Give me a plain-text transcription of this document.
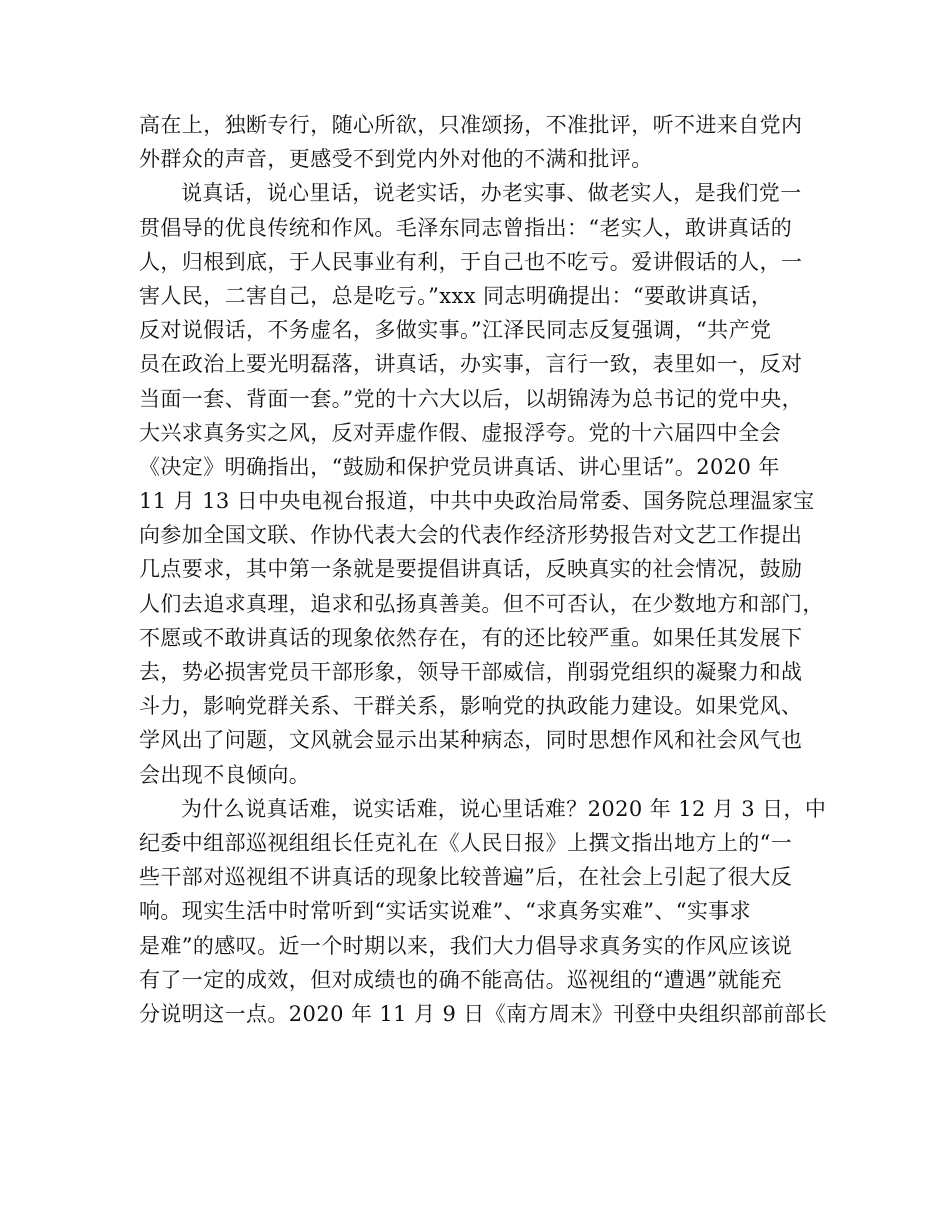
高在上，独断专行，随心所欲，只准颂扬，不准批评，听不进来自党内
外群众的声音，更感受不到党内外对他的不满和批评。
说真话，说心里话，说老实话，办老实事、做老实人，是我们党一
贯倡导的优良传统和作风。毛泽东同志曾指出：“老实人，敢讲真话的
人，归根到底，于人民事业有利，于自己也不吃亏。爱讲假话的人，一
害人民，二害自己，总是吃亏。”xxx 同志明确提出：“要敢讲真话，
反对说假话，不务虚名，多做实事。”江泽民同志反复强调，“共产党
员在政治上要光明磊落，讲真话，办实事，言行一致，表里如一，反对
当面一套、背面一套。”党的十六大以后，以胡锦涛为总书记的党中央，
大兴求真务实之风，反对弄虚作假、虚报浮夸。党的十六届四中全会
《决定》明确指出，“鼓励和保护党员讲真话、讲心里话”。2020 年
11 月 13 日中央电视台报道，中共中央政治局常委、国务院总理温家宝
向参加全国文联、作协代表大会的代表作经济形势报告对文艺工作提出
几点要求，其中第一条就是要提倡讲真话，反映真实的社会情况，鼓励
人们去追求真理，追求和弘扬真善美。但不可否认，在少数地方和部门，
不愿或不敢讲真话的现象依然存在，有的还比较严重。如果任其发展下
去，势必损害党员干部形象，领导干部威信，削弱党组织的凝聚力和战
斗力，影响党群关系、干群关系，影响党的执政能力建设。如果党风、
学风出了问题，文风就会显示出某种病态，同时思想作风和社会风气也
会出现不良倾向。
为什么说真话难，说实话难，说心里话难？2020 年 12 月 3 日，中
纪委中组部巡视组组长任克礼在《人民日报》上撰文指出地方上的“一
些干部对巡视组不讲真话的现象比较普遍”后，在社会上引起了很大反
响。现实生活中时常听到“实话实说难”、“求真务实难”、“实事求
是难”的感叹。近一个时期以来，我们大力倡导求真务实的作风应该说
有了一定的成效，但对成绩也的确不能高估。巡视组的“遭遇”就能充
分说明这一点。2020 年 11 月 9 日《南方周末》刊登中央组织部前部长
